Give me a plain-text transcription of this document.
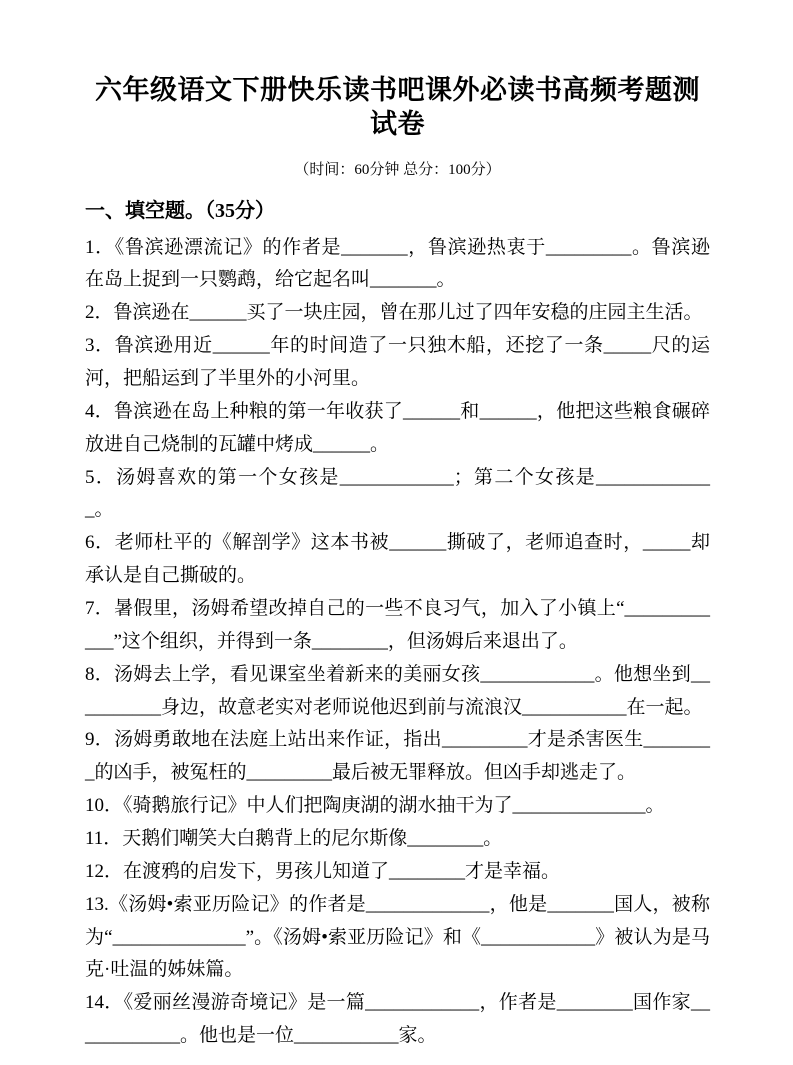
六年级语文下册快乐读书吧课外必读书高频考题测试卷
（时间：60分钟 总分：100分）
一、填空题。（35分）

1．《鲁滨逊漂流记》的作者是_______，鲁滨逊热衷于_________。鲁滨逊在岛上捉到一只鹦鹉，给它起名叫_______。

2．鲁滨逊在______买了一块庄园，曾在那儿过了四年安稳的庄园主生活。

3．鲁滨逊用近______年的时间造了一只独木船，还挖了一条_____尺的运河，把船运到了半里外的小河里。

4．鲁滨逊在岛上种粮的第一年收获了______和______，他把这些粮食碾碎放进自己烧制的瓦罐中烤成______。

5．汤姆喜欢的第一个女孩是____________；第二个女孩是_____________。

6．老师杜平的《解剖学》这本书被______撕破了，老师追查时，_____却承认是自己撕破的。

7．暑假里，汤姆希望改掉自己的一些不良习气，加入了小镇上“____________”这个组织，并得到一条________，但汤姆后来退出了。

8．汤姆去上学，看见课室坐着新来的美丽女孩____________。他想坐到__________身边，故意老实对老师说他迟到前与流浪汉___________在一起。

9．汤姆勇敢地在法庭上站出来作证，指出_________才是杀害医生________的凶手，被冤枉的_________最后被无罪释放。但凶手却逃走了。

10．《骑鹅旅行记》中人们把陶庚湖的湖水抽干为了______________。

11．天鹅们嘲笑大白鹅背上的尼尔斯像________。

12．在渡鸦的启发下，男孩儿知道了________才是幸福。

13.《汤姆•索亚历险记》的作者是_____________，他是_______国人，被称为“______________”。《汤姆•索亚历险记》和《____________》被认为是马克·吐温的姊妹篇。

14．《爱丽丝漫游奇境记》是一篇____________，作者是________国作家____________。他也是一位___________家。
